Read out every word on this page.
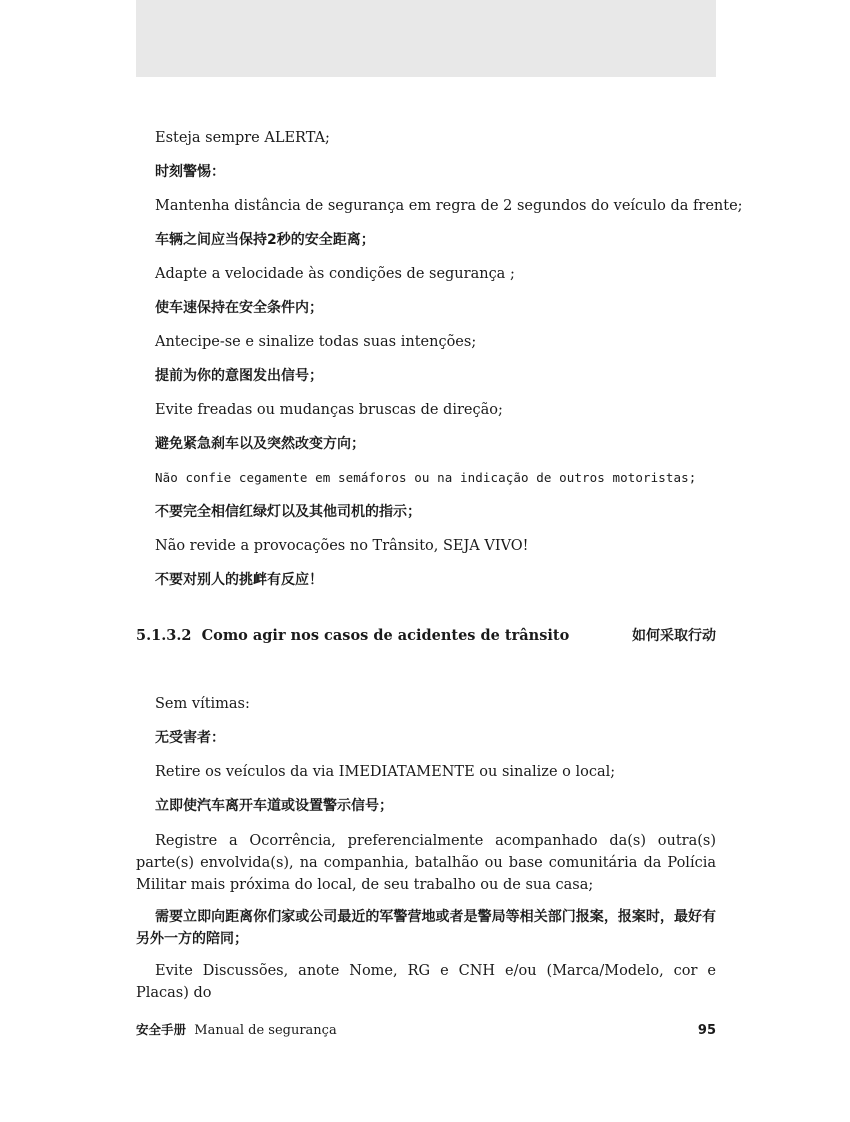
Esteja sempre ALERTA;

时刻警惕：

Mantenha distância de segurança em regra de 2 segundos do veículo da frente;

车辆之间应当保持2秒的安全距离；

Adapte a velocidade às condições de segurança ;

使车速保持在安全条件内；

Antecipe-se e sinalize todas suas intenções;

提前为你的意图发出信号；

Evite freadas ou mudanças bruscas de direção;

避免紧急刹车以及突然改变方向；

Não confie cegamente em semáforos ou na indicação de outros motoristas;

不要完全相信红绿灯以及其他司机的指示；

Não revide a provocações no Trânsito, SEJA VIVO!

不要对别人的挑衅有反应！

5.1.3.2 Como agir nos casos de acidentes de trânsito	如何采取行动

Sem vítimas:

无受害者：

Retire os veículos da via IMEDIATAMENTE ou sinalize o local;

立即使汽车离开车道或设置警示信号；

Registre a Ocorrência, preferencialmente acompanhado da(s) outra(s) parte(s) envolvida(s), na companhia, batalhão ou base comunitária da Polícia Militar mais próxima do local, de seu trabalho ou de sua casa;

需要立即向距离你们家或公司最近的军警营地或者是警局等相关部门报案，报案时，最好有另外一方的陪同；

Evite Discussões, anote Nome, RG e CNH e/ou (Marca/Modelo, cor e Placas) do

安全手册 Manual de segurança	95
